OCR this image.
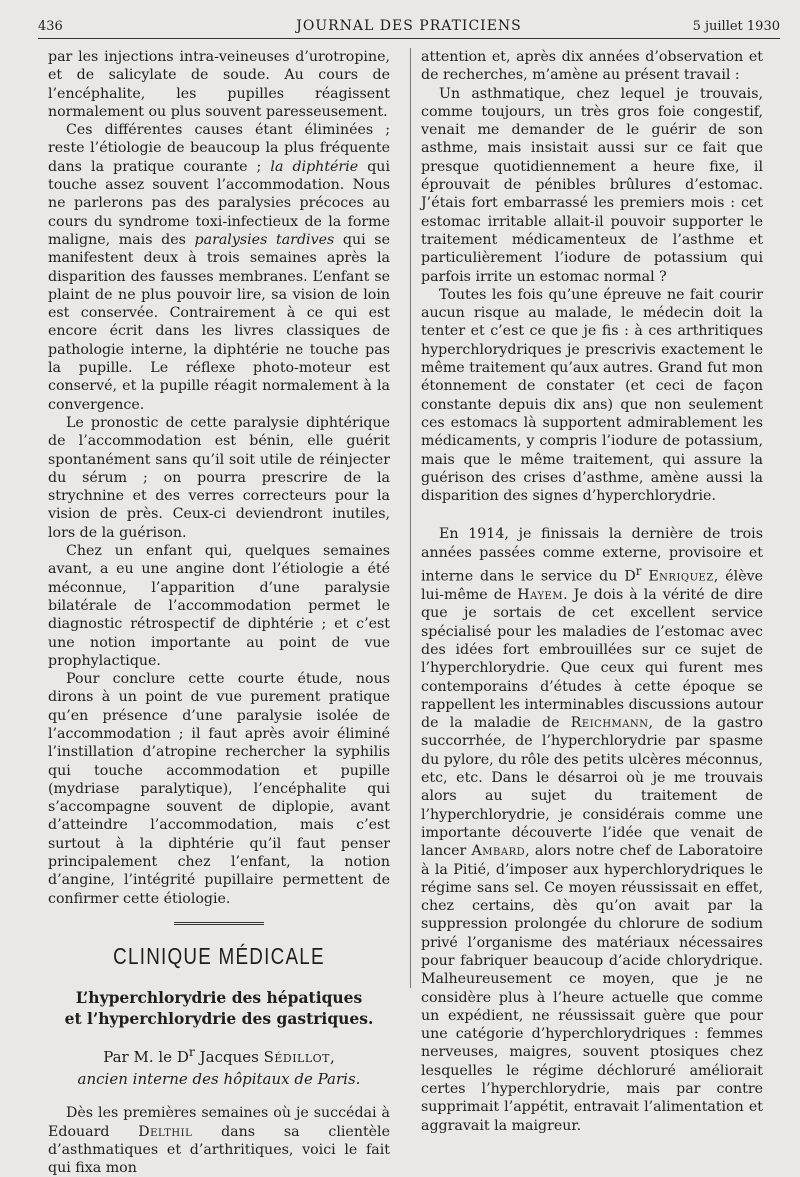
436	JOURNAL DES PRATICIENS	5 juillet 1930

par les injections intra-veineuses d’urotropine, et de salicylate de soude. Au cours de l’encéphalite, les pupilles réagissent normalement ou plus souvent paresseusement.

Ces différentes causes étant éliminées ; reste l’étiologie de beaucoup la plus fréquente dans la pratique courante ; la diphtérie qui touche assez souvent l’accommodation. Nous ne parlerons pas des paralysies précoces au cours du syndrome toxi-infectieux de la forme maligne, mais des paralysies tardives qui se manifestent deux à trois semaines après la disparition des fausses membranes. L’enfant se plaint de ne plus pouvoir lire, sa vision de loin est conservée. Contrairement à ce qui est encore écrit dans les livres classiques de pathologie interne, la diphtérie ne touche pas la pupille. Le réflexe photo-moteur est conservé, et la pupille réagit normalement à la convergence.

Le pronostic de cette paralysie diphtérique de l’accommodation est bénin, elle guérit spontanément sans qu’il soit utile de réinjecter du sérum ; on pourra prescrire de la strychnine et des verres correcteurs pour la vision de près. Ceux-ci deviendront inutiles, lors de la guérison.

Chez un enfant qui, quelques semaines avant, a eu une angine dont l’étiologie a été méconnue, l’apparition d’une paralysie bilatérale de l’accommodation permet le diagnostic rétrospectif de diphtérie ; et c’est une notion importante au point de vue prophylactique.

Pour conclure cette courte étude, nous dirons à un point de vue purement pratique qu’en présence d’une paralysie isolée de l’accommodation ; il faut après avoir éliminé l’instillation d’atropine rechercher la syphilis qui touche accommodation et pupille (mydriase paralytique), l’encéphalite qui s’accompagne souvent de diplopie, avant d’atteindre l’accommodation, mais c’est surtout à la diphtérie qu’il faut penser principalement chez l’enfant, la notion d’angine, l’intégrité pupillaire permettent de confirmer cette étiologie.

CLINIQUE MÉDICALE
L’hyperchlorydrie des hépatiques
et l’hyperchlorydrie des gastriques.
Par M. le $D^r$ Jacques Sédillot,
ancien interne des hôpitaux de Paris.

Dès les premières semaines où je succédai à Edouard Delthil dans sa clientèle d’asthmatiques et d’arthritiques, voici le fait qui fixa mon

attention et, après dix années d’observation et de recherches, m’amène au présent travail :

Un asthmatique, chez lequel je trouvais, comme toujours, un très gros foie congestif, venait me demander de le guérir de son asthme, mais insistait aussi sur ce fait que presque quotidiennement a heure fixe, il éprouvait de pénibles brûlures d’estomac. J’étais fort embarrassé les premiers mois : cet estomac irritable allait-il pouvoir supporter le traitement médicamenteux de l’asthme et particulièrement l’iodure de potassium qui parfois irrite un estomac normal ?

Toutes les fois qu’une épreuve ne fait courir aucun risque au malade, le médecin doit la tenter et c’est ce que je fis : à ces arthritiques hyperchlorydriques je prescrivis exactement le même traitement qu’aux autres. Grand fut mon étonnement de constater (et ceci de façon constante depuis dix ans) que non seulement ces estomacs là supportent admirablement les médicaments, y compris l’iodure de potassium, mais que le même traitement, qui assure la guérison des crises d’asthme, amène aussi la disparition des signes d’hyperchlorydrie.

En 1914, je finissais la dernière de trois années passées comme externe, provisoire et interne dans le service du $D^r$ Enriquez, élève lui-même de Hayem. Je dois à la vérité de dire que je sortais de cet excellent service spécialisé pour les maladies de l’estomac avec des idées fort embrouillées sur ce sujet de l’hyperchlorydrie. Que ceux qui furent mes contemporains d’études à cette époque se rappellent les interminables discussions autour de la maladie de Reichmann, de la gastro succorrhée, de l’hyperchlorydrie par spasme du pylore, du rôle des petits ulcères méconnus, etc, etc. Dans le désarroi où je me trouvais alors au sujet du traitement de l’hyperchlorydrie, je considérais comme une importante découverte l’idée que venait de lancer Ambard, alors notre chef de Laboratoire à la Pitié, d’imposer aux hyperchlorydriques le régime sans sel. Ce moyen réussissait en effet, chez certains, dès qu’on avait par la suppression prolongée du chlorure de sodium privé l’organisme des matériaux nécessaires pour fabriquer beaucoup d’acide chlorydrique. Malheureusement ce moyen, que je ne considère plus à l’heure actuelle que comme un expédient, ne réussissait guère que pour une catégorie d’hyperchlorydriques : femmes nerveuses, maigres, souvent ptosiques chez lesquelles le régime déchloruré améliorait certes l’hyperchlorydrie, mais par contre supprimait l’appétit, entravait l’alimentation et aggravait la maigreur.
